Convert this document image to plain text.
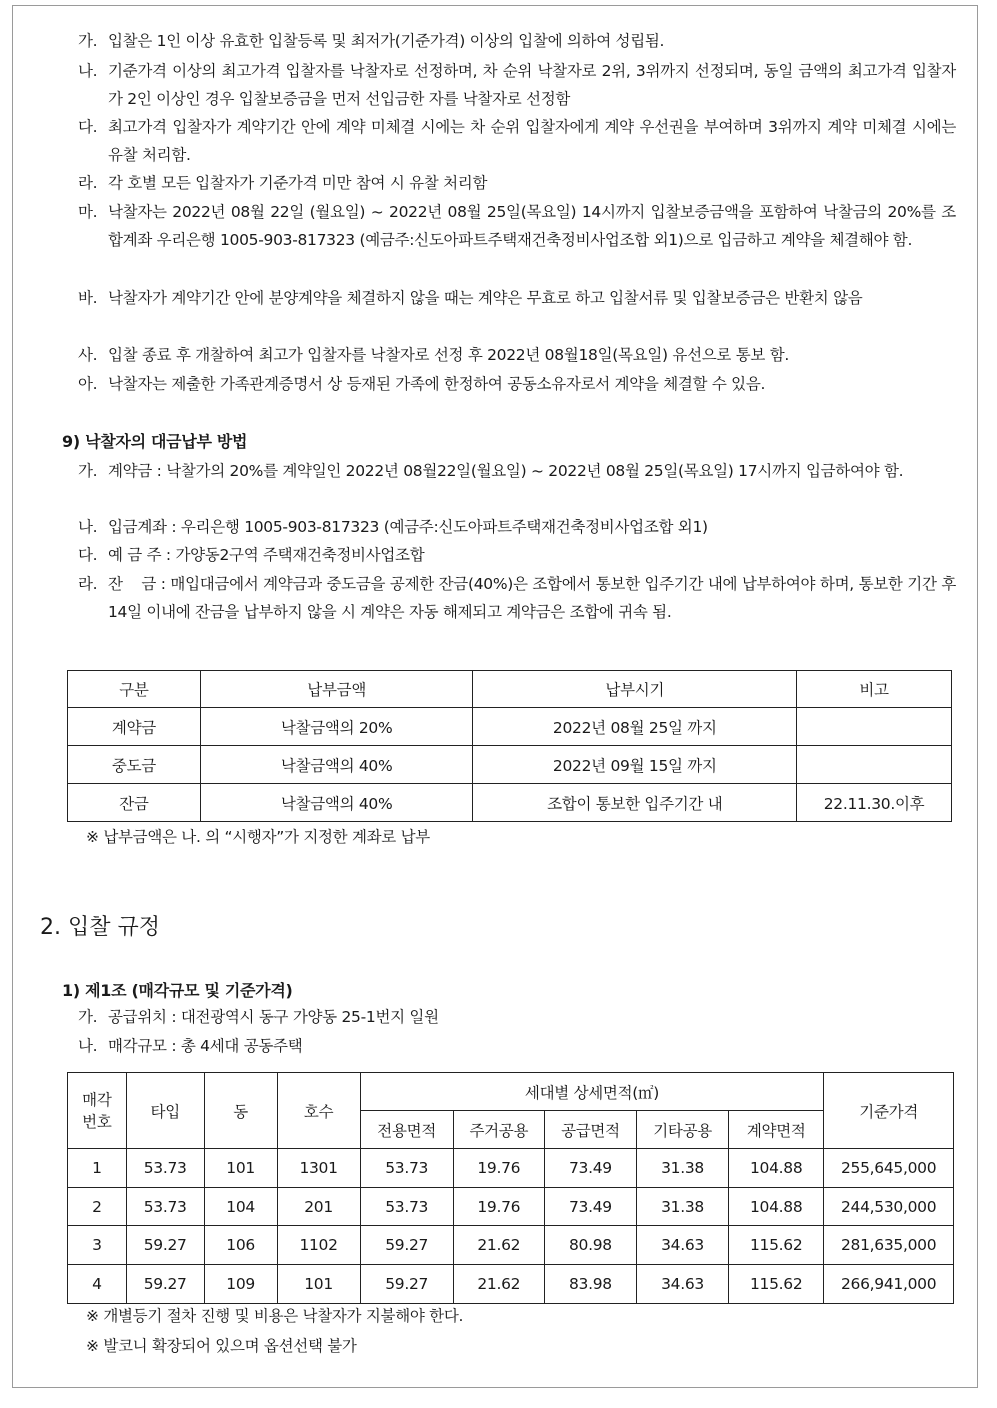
가. 입찰은 1인 이상 유효한 입찰등록 및 최저가(기준가격) 이상의 입찰에 의하여 성립됨.
나. 기준가격 이상의 최고가격 입찰자를 낙찰자로 선정하며, 차 순위 낙찰자로 2위, 3위까지 선정되며, 동일 금액의 최고가격 입찰자가 2인 이상인 경우 입찰보증금을 먼저 선입금한 자를 낙찰자로 선정함
다. 최고가격 입찰자가 계약기간 안에 계약 미체결 시에는 차 순위 입찰자에게 계약 우선권을 부여하며 3위까지 계약 미체결 시에는 유찰 처리함.
라. 각 호별 모든 입찰자가 기준가격 미만 참여 시 유찰 처리함
마. 낙찰자는 2022년 08월 22일 (월요일) ~ 2022년 08월 25일(목요일) 14시까지 입찰보증금액을 포함하여 낙찰금의 20%를 조합계좌 우리은행 1005-903-817323 (예금주:신도아파트주택재건축정비사업조합 외1)으로 입금하고 계약을 체결해야 함.
바. 낙찰자가 계약기간 안에 분양계약을 체결하지 않을 때는 계약은 무효로 하고 입찰서류 및 입찰보증금은 반환치 않음
사. 입찰 종료 후 개찰하여 최고가 입찰자를 낙찰자로 선정 후 2022년 08월18일(목요일) 유선으로 통보 함.
아. 낙찰자는 제출한 가족관계증명서 상 등재된 가족에 한정하여 공동소유자로서 계약을 체결할 수 있음.
9) 낙찰자의 대금납부 방법
가. 계약금 : 낙찰가의 20%를 계약일인 2022년 08월22일(월요일) ~ 2022년 08월 25일(목요일) 17시까지 입금하여야 함.
나. 입금계좌 : 우리은행 1005-903-817323 (예금주:신도아파트주택재건축정비사업조합 외1)
다. 예 금 주 : 가양동2구역 주택재건축정비사업조합
라. 잔    금 : 매입대금에서 계약금과 중도금을 공제한 잔금(40%)은 조합에서 통보한 입주기간 내에 납부하여야 하며, 통보한 기간 후 14일 이내에 잔금을 납부하지 않을 시 계약은 자동 해제되고 계약금은 조합에 귀속 됨.
구분	납부금액	납부시기	비고
계약금	낙찰금액의 20%	2022년 08월 25일 까지	
중도금	낙찰금액의 40%	2022년 09월 15일 까지	
잔금	낙찰금액의 40%	조합이 통보한 입주기간 내	22.11.30.이후
※ 납부금액은 나. 의 “시행자”가 지정한 계좌로 납부
2. 입찰 규정
1) 제1조 (매각규모 및 기준가격)
가. 공급위치 : 대전광역시 동구 가양동 25-1번지 일원
나. 매각규모 : 총 4세대 공동주택
매각
번호	타입	동	호수	세대별 상세면적(㎡)					기준가격
				전용면적	주거공용	공급면적	기타공용	계약면적	
1	53.73	101	1301	53.73	19.76	73.49	31.38	104.88	255,645,000
2	53.73	104	201	53.73	19.76	73.49	31.38	104.88	244,530,000
3	59.27	106	1102	59.27	21.62	80.98	34.63	115.62	281,635,000
4	59.27	109	101	59.27	21.62	83.98	34.63	115.62	266,941,000
※ 개별등기 절차 진행 및 비용은 낙찰자가 지불해야 한다.
※ 발코니 확장되어 있으며 옵션선택 불가
